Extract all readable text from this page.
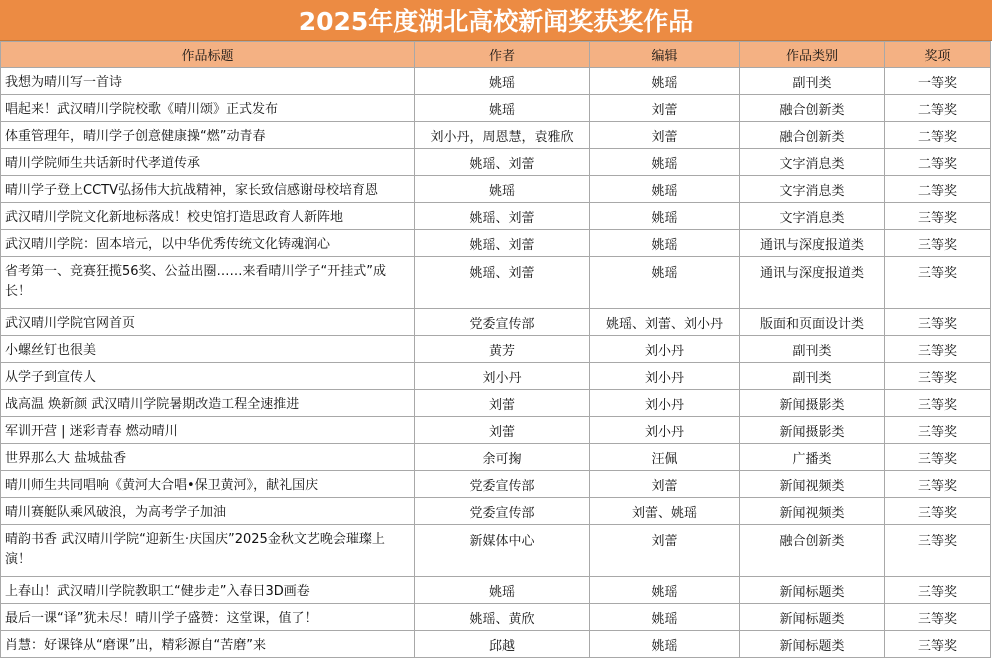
2025年度湖北高校新闻奖获奖作品
作品标题	作者	编辑	作品类别	奖项
我想为晴川写一首诗	姚瑶	姚瑶	副刊类	一等奖
唱起来！武汉晴川学院校歌《晴川颂》正式发布	姚瑶	刘蕾	融合创新类	二等奖
体重管理年，晴川学子创意健康操“燃”动青春	刘小丹，周恩慧，袁雅欣	刘蕾	融合创新类	二等奖
晴川学院师生共话新时代孝道传承	姚瑶、刘蕾	姚瑶	文字消息类	二等奖
晴川学子登上CCTV弘扬伟大抗战精神，家长致信感谢母校培育恩	姚瑶	姚瑶	文字消息类	二等奖
武汉晴川学院文化新地标落成！校史馆打造思政育人新阵地	姚瑶、刘蕾	姚瑶	文字消息类	三等奖
武汉晴川学院：固本培元，以中华优秀传统文化铸魂润心	姚瑶、刘蕾	姚瑶	通讯与深度报道类	三等奖
省考第一、竞赛狂揽56奖、公益出圈……来看晴川学子“开挂式”成长！	姚瑶、刘蕾	姚瑶	通讯与深度报道类	三等奖
武汉晴川学院官网首页	党委宣传部	姚瑶、刘蕾、刘小丹	版面和页面设计类	三等奖
小螺丝钉也很美	黄芳	刘小丹	副刊类	三等奖
从学子到宣传人	刘小丹	刘小丹	副刊类	三等奖
战高温 焕新颜 武汉晴川学院暑期改造工程全速推进	刘蕾	刘小丹	新闻摄影类	三等奖
军训开营 | 迷彩青春 燃动晴川	刘蕾	刘小丹	新闻摄影类	三等奖
世界那么大 盐城盐香	余可掬	汪佩	广播类	三等奖
晴川师生共同唱响《黄河大合唱•保卫黄河》，献礼国庆	党委宣传部	刘蕾	新闻视频类	三等奖
晴川赛艇队乘风破浪，为高考学子加油	党委宣传部	刘蕾、姚瑶	新闻视频类	三等奖
晴韵书香 武汉晴川学院“迎新生·庆国庆”2025金秋文艺晚会璀璨上演！	新媒体中心	刘蕾	融合创新类	三等奖
上春山！武汉晴川学院教职工“健步走”入春日3D画卷	姚瑶	姚瑶	新闻标题类	三等奖
最后一课“译”犹未尽！晴川学子盛赞：这堂课，值了！	姚瑶、黄欣	姚瑶	新闻标题类	三等奖
肖慧：好课锋从“磨课”出，精彩源自“苦磨”来	邱越	姚瑶	新闻标题类	三等奖
